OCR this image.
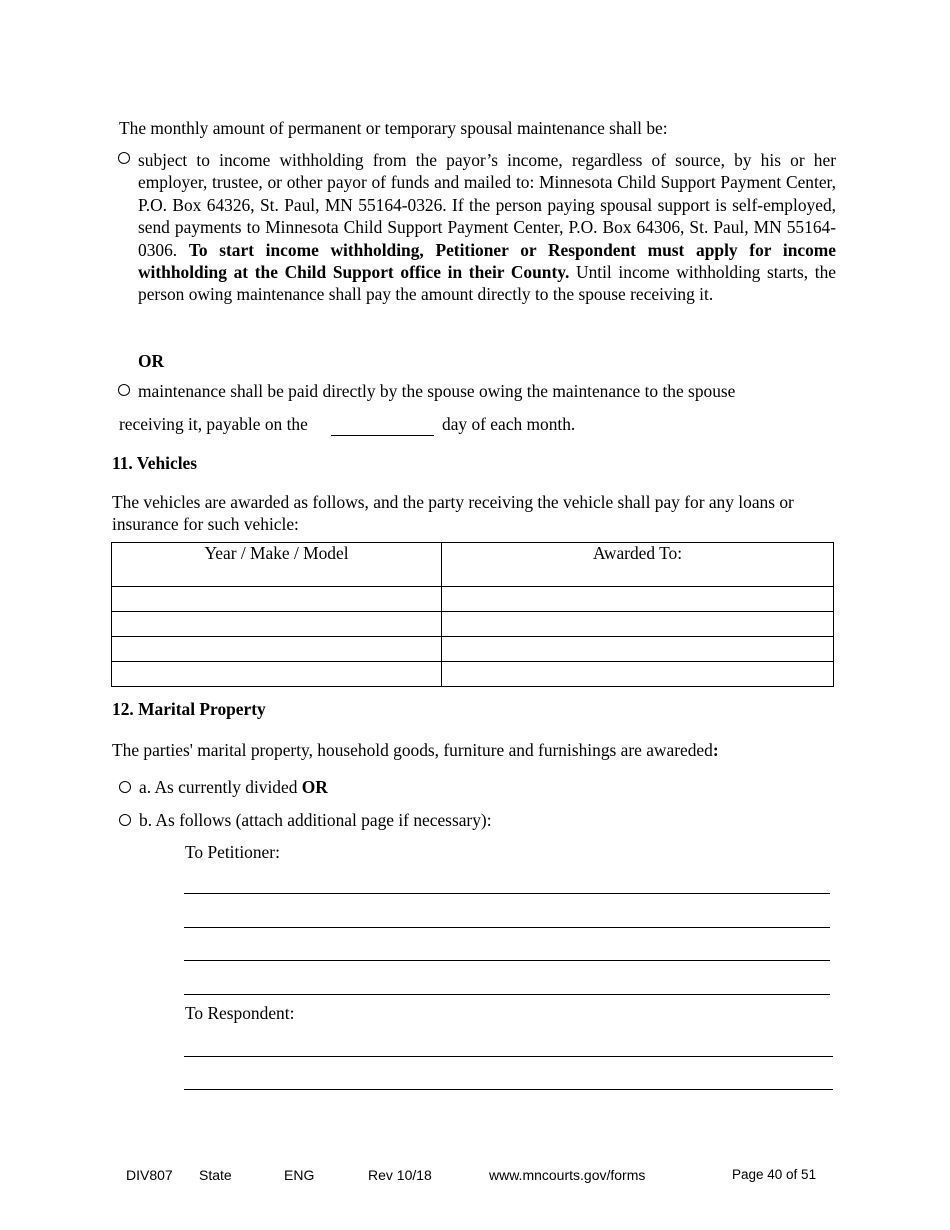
The monthly amount of permanent or temporary spousal maintenance shall be:
subject to income withholding from the payor’s income, regardless of source, by his or her employer, trustee, or other payor of funds and mailed to: Minnesota Child Support Payment Center, P.O. Box 64326, St. Paul, MN 55164-0326. If the person paying spousal support is self-employed, send payments to Minnesota Child Support Payment Center, P.O. Box 64306, St. Paul, MN 55164-0306. To start income withholding, Petitioner or Respondent must apply for income withholding at the Child Support office in their County. Until income withholding starts, the person owing maintenance shall pay the amount directly to the spouse receiving it.
OR
maintenance shall be paid directly by the spouse owing the maintenance to the spouse
receiving it, payable on the	day of each month.
11. Vehicles
The vehicles are awarded as follows, and the party receiving the vehicle shall pay for any loans or insurance for such vehicle:
Year / Make / Model	Awarded To:

12. Marital Property
The parties' marital property, household goods, furniture and furnishings are awareded:
a. As currently divided OR
b. As follows (attach additional page if necessary):
To Petitioner:
To Respondent:
DIV807 State	ENG	Rev 10/18	www.mncourts.gov/forms	Page 40 of 51
